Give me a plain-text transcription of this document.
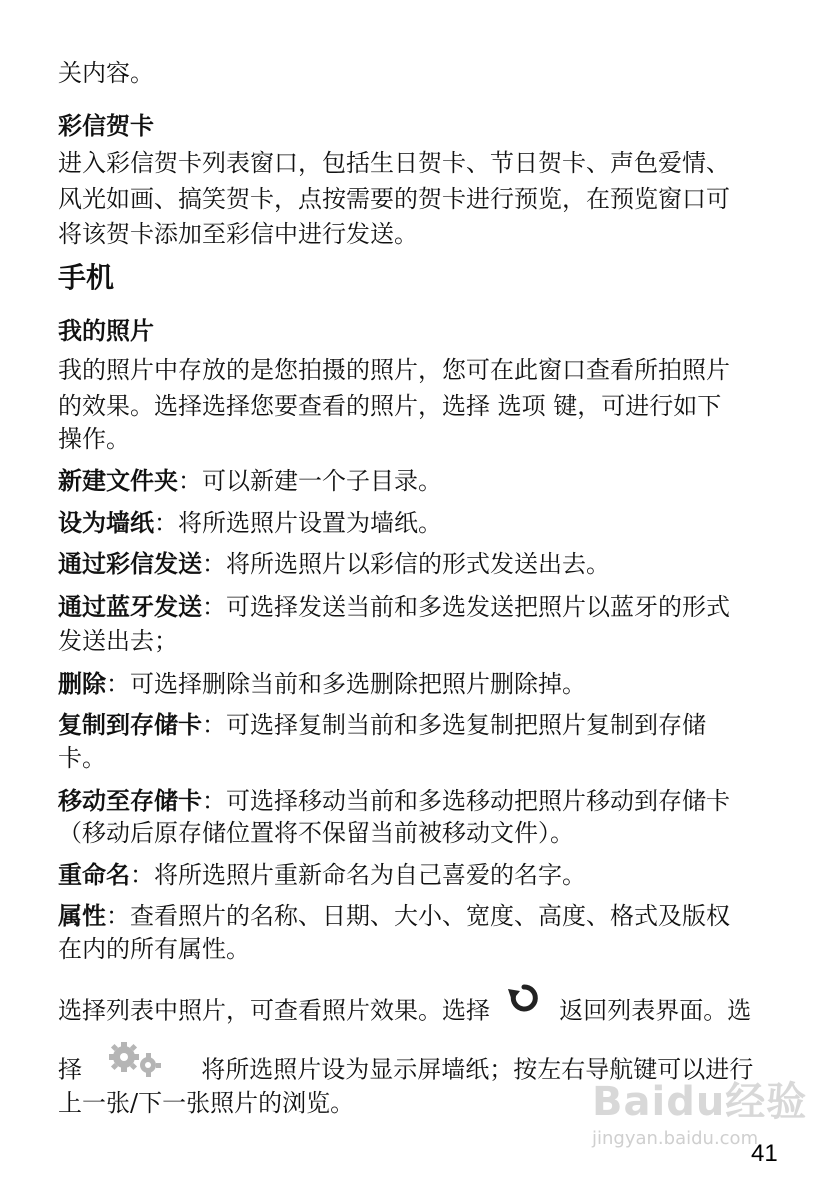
关内容。
彩信贺卡
进入彩信贺卡列表窗口，包括生日贺卡、节日贺卡、声色爱情、
风光如画、搞笑贺卡，点按需要的贺卡进行预览，在预览窗口可
将该贺卡添加至彩信中进行发送。
手机
我的照片
我的照片中存放的是您拍摄的照片，您可在此窗口查看所拍照片
的效果。选择选择您要查看的照片，选择 选项 键，可进行如下
操作。
新建文件夹：可以新建一个子目录。
设为墙纸：将所选照片设置为墙纸。
通过彩信发送：将所选照片以彩信的形式发送出去。
通过蓝牙发送：可选择发送当前和多选发送把照片以蓝牙的形式
发送出去；
删除：可选择删除当前和多选删除把照片删除掉。
复制到存储卡：可选择复制当前和多选复制把照片复制到存储
卡。
移动至存储卡：可选择移动当前和多选移动把照片移动到存储卡
（移动后原存储位置将不保留当前被移动文件）。
重命名：将所选照片重新命名为自己喜爱的名字。
属性：查看照片的名称、日期、大小、宽度、高度、格式及版权
在内的所有属性。
选择列表中照片，可查看照片效果。选择	返回列表界面。选
择	将所选照片设为显示屏墙纸；按左右导航键可以进行
上一张/下一张照片的浏览。	Baidu经验
jingyan.baidu.com
41
